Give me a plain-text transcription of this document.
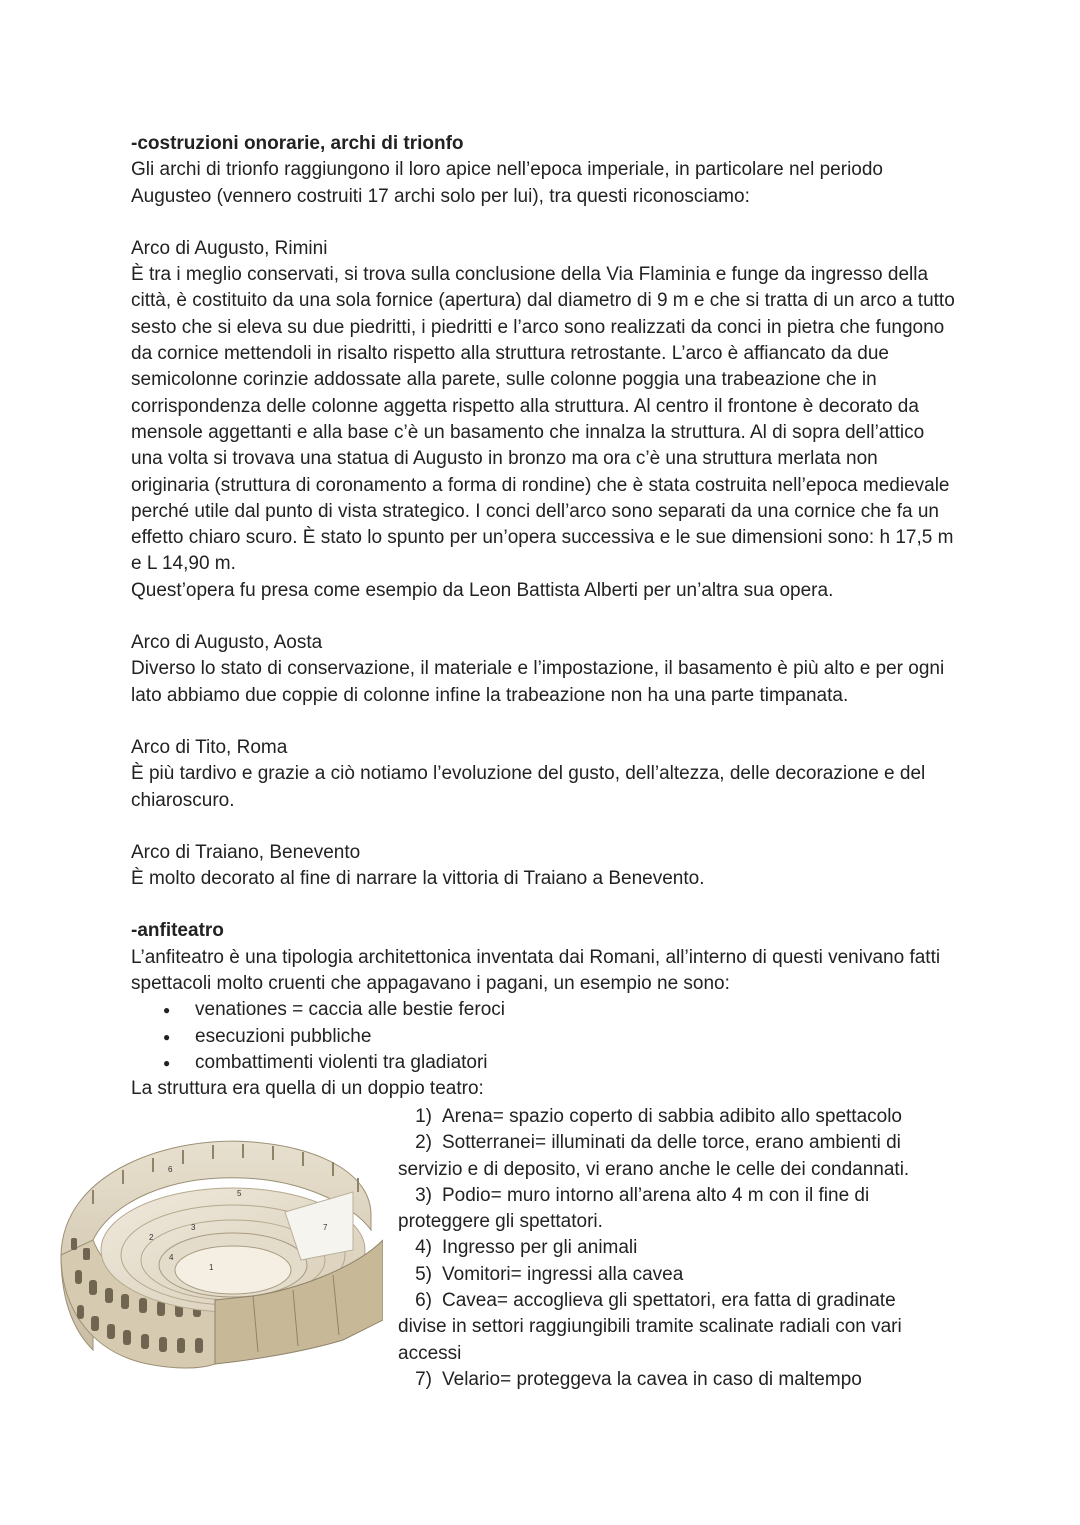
-costruzioni onorarie, archi di trionfo

Gli archi di trionfo raggiungono il loro apice nell’epoca imperiale, in particolare nel periodo Augusteo (vennero costruiti 17 archi solo per lui), tra questi riconosciamo:

Arco di Augusto, Rimini

È tra i meglio conservati, si trova sulla conclusione della Via Flaminia e funge da ingresso della città, è costituito da una sola fornice (apertura) dal diametro di 9 m e che si tratta di un arco a tutto sesto che si eleva su due piedritti, i piedritti e l’arco sono realizzati da conci in pietra che fungono da cornice mettendoli in risalto rispetto alla struttura retrostante. L’arco è affiancato da due semicolonne corinzie addossate alla parete, sulle colonne poggia una trabeazione che in corrispondenza delle colonne aggetta rispetto alla struttura. Al centro il frontone è decorato da mensole aggettanti e alla base c’è un basamento che innalza la struttura. Al di sopra dell’attico una volta si trovava una statua di Augusto in bronzo ma ora c’è una struttura merlata non originaria (struttura di coronamento a forma di rondine) che è stata costruita nell’epoca medievale perché utile dal punto di vista strategico. I conci dell’arco sono separati da una cornice che fa un effetto chiaro scuro. È stato lo spunto per un’opera successiva e le sue dimensioni sono: h 17,5 m e L 14,90 m.

Quest’opera fu presa come esempio da Leon Battista Alberti per un’altra sua opera.

Arco di Augusto, Aosta

Diverso lo stato di conservazione, il materiale e l’impostazione, il basamento è più alto e per ogni lato abbiamo due coppie di colonne infine la trabeazione non ha una parte timpanata.

Arco di Tito, Roma

È più tardivo e grazie a ciò notiamo l’evoluzione del gusto, dell’altezza, delle decorazione e del chiaroscuro.

Arco di Traiano, Benevento

È molto decorato al fine di narrare la vittoria di Traiano a Benevento.

-anfiteatro

L’anfiteatro è una tipologia architettonica inventata dai Romani, all’interno di questi venivano fatti spettacoli molto cruenti che appagavano i pagani, un esempio ne sono:

● venationes = caccia alle bestie feroci
● esecuzioni pubbliche
● combattimenti violenti tra gladiatori

La struttura era quella di un doppio teatro:

1
2
3
4
5
6
7

1) Arena= spazio coperto di sabbia adibito allo spettacolo

2) Sotterranei= illuminati da delle torce, erano ambienti di

servizio e di deposito, vi erano anche le celle dei condannati.

3) Podio= muro intorno all’arena alto 4 m con il fine di

proteggere gli spettatori.

4) Ingresso per gli animali

5) Vomitori= ingressi alla cavea

6) Cavea= accoglieva gli spettatori, era fatta di gradinate

divise in settori raggiungibili tramite scalinate radiali con vari accessi

7) Velario= proteggeva la cavea in caso di maltempo
